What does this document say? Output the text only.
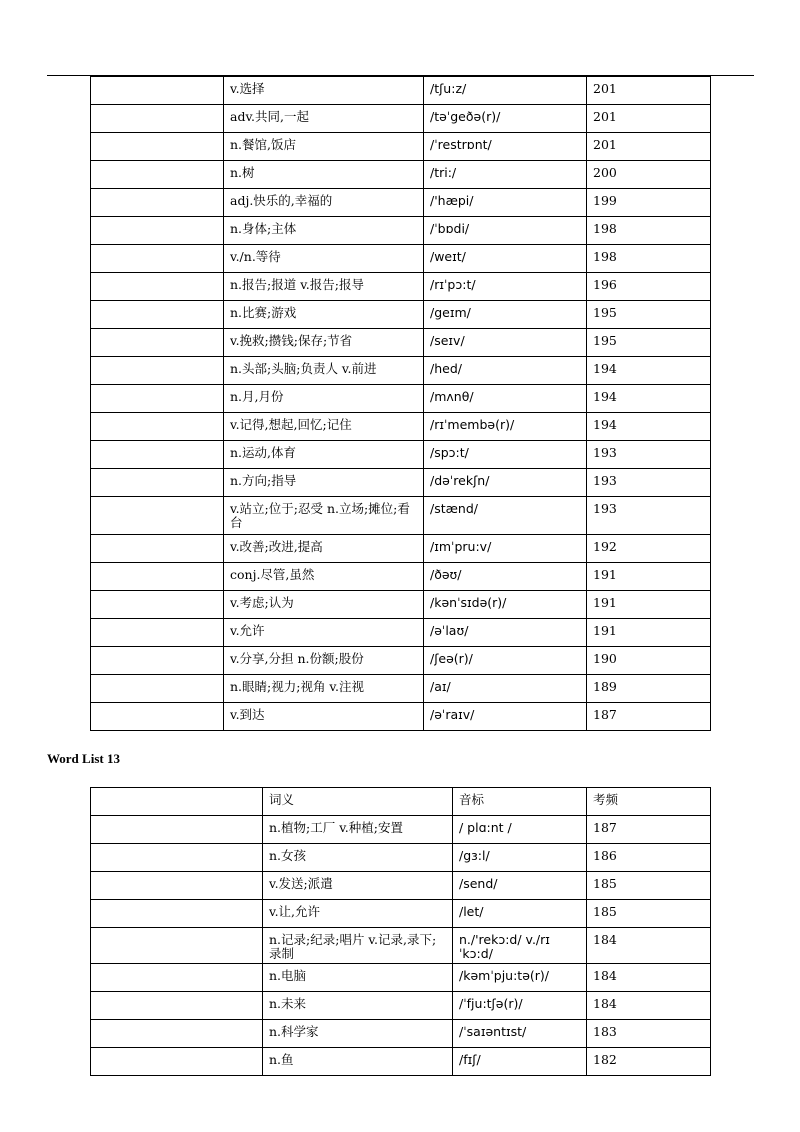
	v.选择	/tʃu:z/	201
	adv.共同,一起	/təˈgeðə(r)/	201
	n.餐馆,饭店	/ˈrestrɒnt/	201
	n.树	/tri:/	200
	adj.快乐的,幸福的	/'hæpi/	199
	n.身体;主体	/ˈbɒdi/	198
	v./n.等待	/weɪt/	198
	n.报告;报道 v.报告;报导	/rɪˈpɔ:t/	196
	n.比赛;游戏	/geɪm/	195
	v.挽救;攒钱;保存;节省	/seɪv/	195
	n.头部;头脑;负责人 v.前进	/hed/	194
	n.月,月份	/mʌnθ/	194
	v.记得,想起,回忆;记住	/rɪˈmembə(r)/	194
	n.运动,体育	/spɔ:t/	193
	n.方向;指导	/dəˈrekʃn/	193
	v.站立;位于;忍受 n.立场;摊位;看台	/stænd/	193
	v.改善;改进,提高	/ɪmˈpru:v/	192
	conj.尽管,虽然	/ðəʊ/	191
	v.考虑;认为	/kənˈsɪdə(r)/	191
	v.允许	/əˈlaʊ/	191
	v.分享,分担 n.份额;股份	/ʃeə(r)/	190
	n.眼睛;视力;视角 v.注视	/aɪ/	189
	v.到达	/əˈraɪv/	187
Word List 13
	词义	音标	考频
	n.植物;工厂 v.种植;安置	/ plɑ:nt /	187
	n.女孩	/gɜ:l/	186
	v.发送;派遣	/send/	185
	v.让,允许	/let/	185
	n.记录;纪录;唱片 v.记录,录下;录制	n./'rekɔ:d/ v./rɪˈkɔ:d/	184
	n.电脑	/kəmˈpju:tə(r)/	184
	n.未来	/ˈfju:tʃə(r)/	184
	n.科学家	/ˈsaɪəntɪst/	183
	n.鱼	/fɪʃ/	182
